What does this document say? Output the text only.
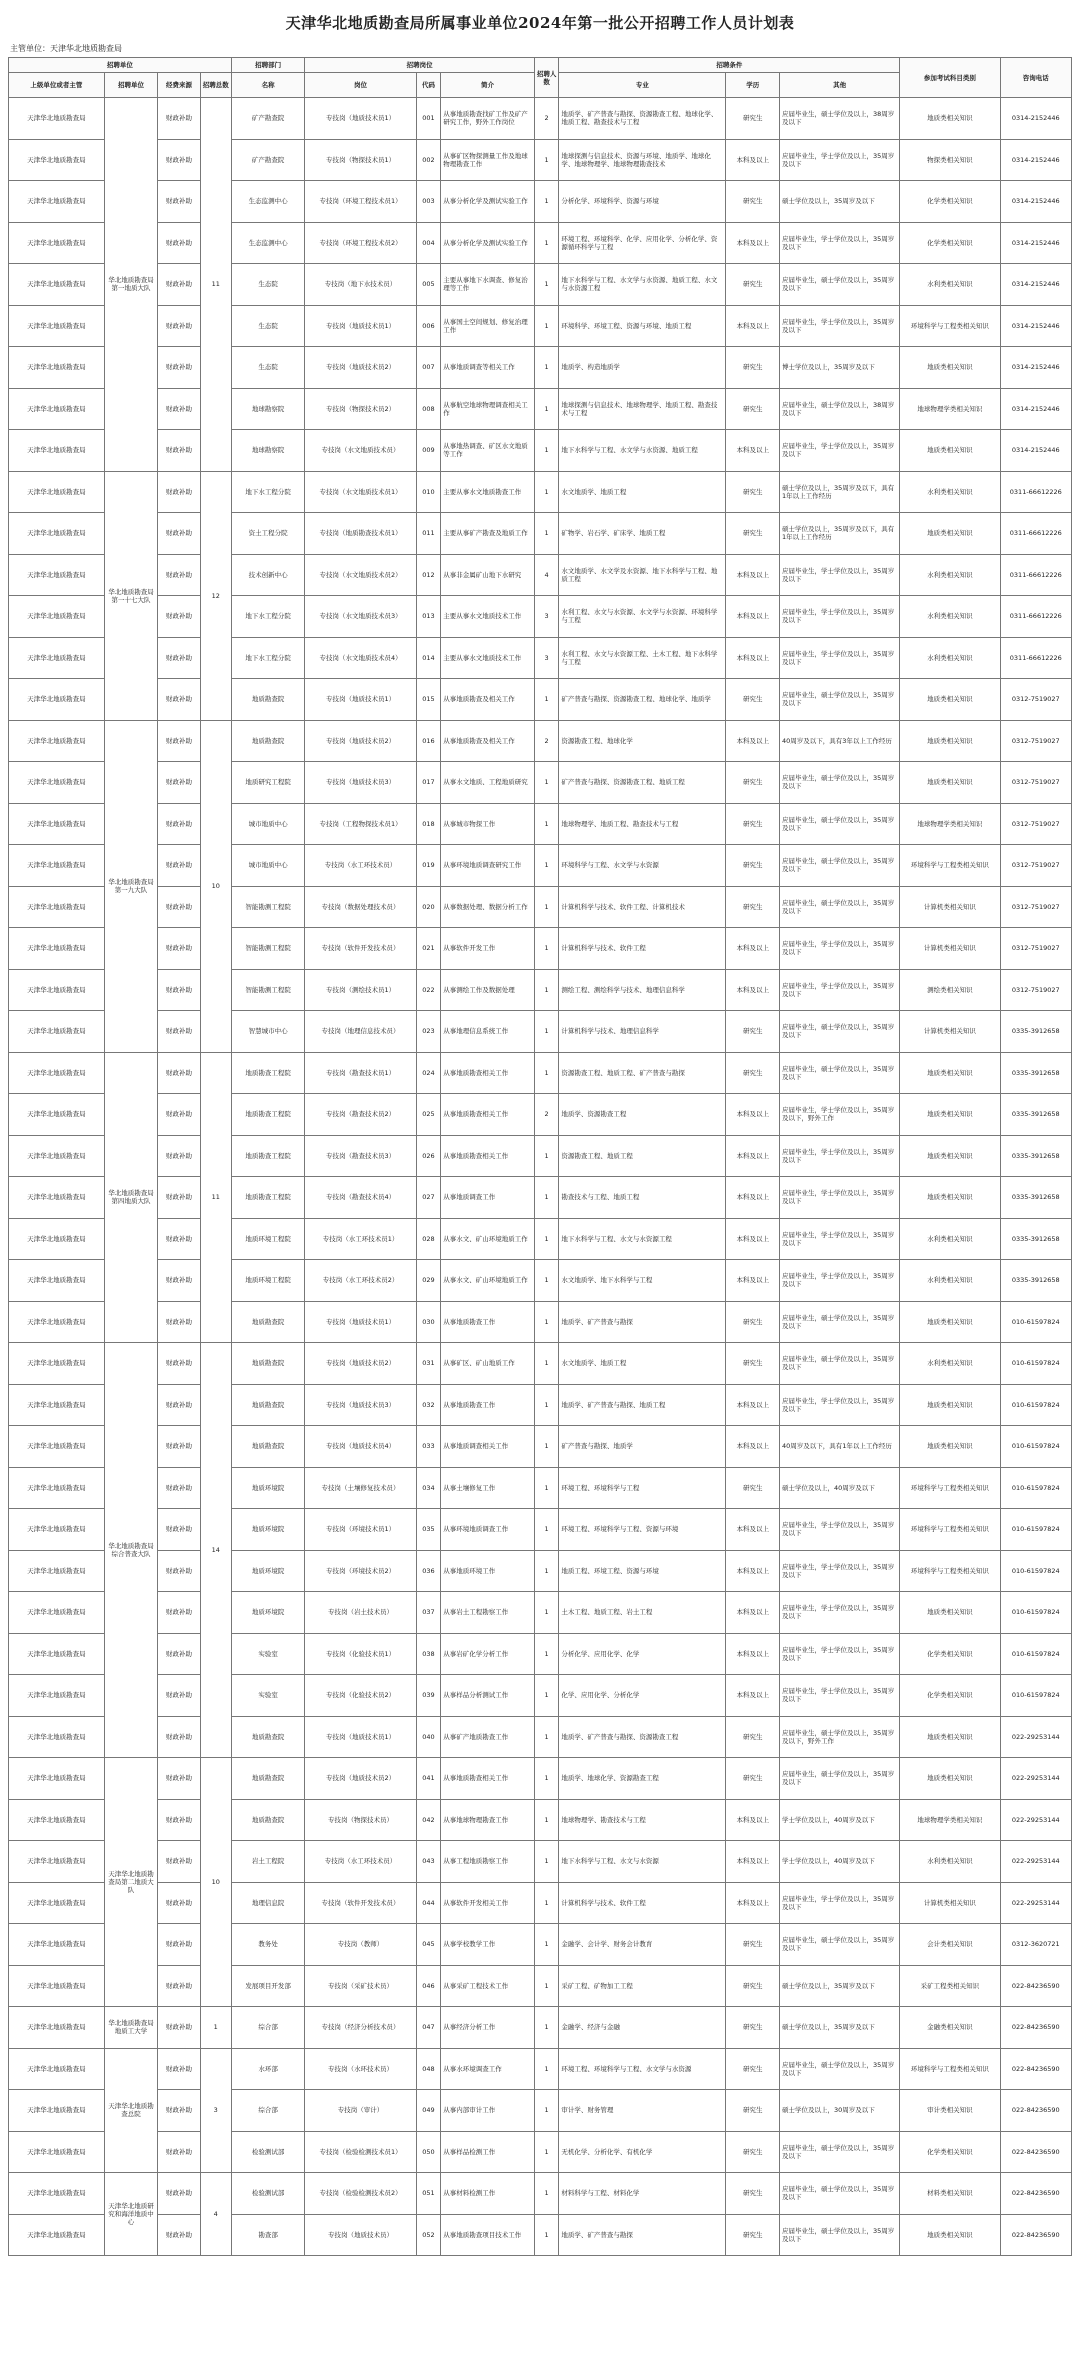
天津华北地质勘查局所属事业单位2024年第一批公开招聘工作人员计划表
主管单位：天津华北地质勘查局
招聘单位				招聘部门	招聘岗位			招聘人数	招聘条件			参加考试科目类别	咨询电话
上级单位或者主管	招聘单位	经费来源	招聘总数	名称	岗位	代码	简介		专业	学历	其他		
天津华北地质勘查局	华北地质勘查局第一地质大队	财政补助	11	矿产勘查院	专技岗（地质技术员1）	001	从事地质勘查找矿工作及矿产研究工作，野外工作岗位	2	地质学、矿产普查与勘探、资源勘查工程、地球化学、地质工程、勘查技术与工程	研究生	应届毕业生，硕士学位及以上，38周岁及以下	地质类相关知识	0314-2152446
天津华北地质勘查局		财政补助		矿产勘查院	专技岗（物探技术员1）	002	从事矿区物探测量工作及地球物理勘查工作	1	地球探测与信息技术、资源与环境、地质学、地球化学、地球物理学、地球物理勘查技术	本科及以上	应届毕业生，学士学位及以上，35周岁及以下	物探类相关知识	0314-2152446
天津华北地质勘查局		财政补助		生态监测中心	专技岗（环境工程技术员1）	003	从事分析化学及测试实验工作	1	分析化学、环境科学、资源与环境	研究生	硕士学位及以上，35周岁及以下	化学类相关知识	0314-2152446
天津华北地质勘查局		财政补助		生态监测中心	专技岗（环境工程技术员2）	004	从事分析化学及测试实验工作	1	环境工程、环境科学、化学、应用化学、分析化学、资源循环科学与工程	本科及以上	应届毕业生，学士学位及以上，35周岁及以下	化学类相关知识	0314-2152446
天津华北地质勘查局		财政补助		生态院	专技岗（地下水技术员）	005	主要从事地下水调查、修复治理等工作	1	地下水科学与工程、水文学与水资源、地质工程、水文与水资源工程	研究生	应届毕业生，硕士学位及以上，35周岁及以下	水利类相关知识	0314-2152446
天津华北地质勘查局		财政补助		生态院	专技岗（地质技术员1）	006	从事国土空间规划、修复治理工作	1	环境科学、环境工程、资源与环境、地质工程	本科及以上	应届毕业生，学士学位及以上，35周岁及以下	环境科学与工程类相关知识	0314-2152446
天津华北地质勘查局		财政补助		生态院	专技岗（地质技术员2）	007	从事地质调查等相关工作	1	地质学、构造地质学	研究生	博士学位及以上，35周岁及以下	地质类相关知识	0314-2152446
天津华北地质勘查局		财政补助		地球勘察院	专技岗（物探技术员2）	008	从事航空地球物理调查相关工作	1	地球探测与信息技术、地球物理学、地质工程、勘查技术与工程	研究生	应届毕业生，硕士学位及以上，38周岁及以下	地球物理学类相关知识	0314-2152446
天津华北地质勘查局		财政补助		地球勘察院	专技岗（水文地质技术员）	009	从事地热调查、矿区水文地质等工作	1	地下水科学与工程、水文学与水资源、地质工程	本科及以上	应届毕业生，学士学位及以上，35周岁及以下	地质类相关知识	0314-2152446
天津华北地质勘查局	华北地质勘查局第一十七大队	财政补助	12	地下水工程分院	专技岗（水文地质技术员1）	010	主要从事水文地质勘查工作	1	水文地质学、地质工程	研究生	硕士学位及以上，35周岁及以下，具有1年以上工作经历	水利类相关知识	0311-66612226
天津华北地质勘查局		财政补助		资土工程分院	专技岗（地质勘查技术员1）	011	主要从事矿产勘查及地质工作	1	矿物学、岩石学、矿床学、地质工程	研究生	硕士学位及以上，35周岁及以下，具有1年以上工作经历	地质类相关知识	0311-66612226
天津华北地质勘查局		财政补助		技术创新中心	专技岗（水文地质技术员2）	012	从事非金属矿山地下水研究	4	水文地质学、水文学及水资源、地下水科学与工程、地质工程	本科及以上	应届毕业生，学士学位及以上，35周岁及以下	水利类相关知识	0311-66612226
天津华北地质勘查局		财政补助		地下水工程分院	专技岗（水文地质技术员3）	013	主要从事水文地质技术工作	3	水利工程、水文与水资源、水文学与水资源、环境科学与工程	本科及以上	应届毕业生，学士学位及以上，35周岁及以下	水利类相关知识	0311-66612226
天津华北地质勘查局		财政补助		地下水工程分院	专技岗（水文地质技术员4）	014	主要从事水文地质技术工作	3	水利工程、水文与水资源工程、土木工程、地下水科学与工程	本科及以上	应届毕业生，学士学位及以上，35周岁及以下	水利类相关知识	0311-66612226
天津华北地质勘查局		财政补助		地质勘查院	专技岗（地质技术员1）	015	从事地质勘查及相关工作	1	矿产普查与勘探、资源勘查工程、地球化学、地质学	研究生	应届毕业生，硕士学位及以上，35周岁及以下	地质类相关知识	0312-7519027
天津华北地质勘查局	华北地质勘查局第一九大队	财政补助	10	地质勘查院	专技岗（地质技术员2）	016	从事地质勘查及相关工作	2	资源勘查工程、地球化学	本科及以上	40周岁及以下，具有3年以上工作经历	地质类相关知识	0312-7519027
天津华北地质勘查局		财政补助		地质研究工程院	专技岗（地质技术员3）	017	从事水文地质、工程地质研究	1	矿产普查与勘探、资源勘查工程、地质工程	研究生	应届毕业生，硕士学位及以上，35周岁及以下	地质类相关知识	0312-7519027
天津华北地质勘查局		财政补助		城市地质中心	专技岗（工程物探技术员1）	018	从事城市物探工作	1	地球物理学、地质工程、勘查技术与工程	研究生	应届毕业生，硕士学位及以上，35周岁及以下	地球物理学类相关知识	0312-7519027
天津华北地质勘查局		财政补助		城市地质中心	专技岗（水工环技术员）	019	从事环境地质调查研究工作	1	环境科学与工程、水文学与水资源	研究生	应届毕业生，硕士学位及以上，35周岁及以下	环境科学与工程类相关知识	0312-7519027
天津华北地质勘查局		财政补助		智能勘测工程院	专技岗（数据处理技术员）	020	从事数据处理、数据分析工作	1	计算机科学与技术、软件工程、计算机技术	研究生	应届毕业生，硕士学位及以上，35周岁及以下	计算机类相关知识	0312-7519027
天津华北地质勘查局		财政补助		智能勘测工程院	专技岗（软件开发技术员）	021	从事软件开发工作	1	计算机科学与技术、软件工程	本科及以上	应届毕业生，学士学位及以上，35周岁及以下	计算机类相关知识	0312-7519027
天津华北地质勘查局		财政补助		智能勘测工程院	专技岗（测绘技术员1）	022	从事测绘工作及数据处理	1	测绘工程、测绘科学与技术、地理信息科学	本科及以上	应届毕业生，学士学位及以上，35周岁及以下	测绘类相关知识	0312-7519027
天津华北地质勘查局		财政补助		智慧城市中心	专技岗（地理信息技术员）	023	从事地理信息系统工作	1	计算机科学与技术、地理信息科学	研究生	应届毕业生，硕士学位及以上，35周岁及以下	计算机类相关知识	0335-3912658
天津华北地质勘查局	华北地质勘查局第四地质大队	财政补助	11	地质勘查工程院	专技岗（勘查技术员1）	024	从事地质勘查相关工作	1	资源勘查工程、地质工程、矿产普查与勘探	研究生	应届毕业生，硕士学位及以上，35周岁及以下	地质类相关知识	0335-3912658
天津华北地质勘查局		财政补助		地质勘查工程院	专技岗（勘查技术员2）	025	从事地质勘查相关工作	2	地质学、资源勘查工程	本科及以上	应届毕业生，学士学位及以上，35周岁及以下，野外工作	地质类相关知识	0335-3912658
天津华北地质勘查局		财政补助		地质勘查工程院	专技岗（勘查技术员3）	026	从事地质勘查相关工作	1	资源勘查工程、地质工程	本科及以上	应届毕业生，学士学位及以上，35周岁及以下	地质类相关知识	0335-3912658
天津华北地质勘查局		财政补助		地质勘查工程院	专技岗（勘查技术员4）	027	从事地质调查工作	1	勘查技术与工程、地质工程	本科及以上	应届毕业生，学士学位及以上，35周岁及以下	地质类相关知识	0335-3912658
天津华北地质勘查局		财政补助		地质环境工程院	专技岗（水工环技术员1）	028	从事水文、矿山环境地质工作	1	地下水科学与工程、水文与水资源工程	本科及以上	应届毕业生，学士学位及以上，35周岁及以下	水利类相关知识	0335-3912658
天津华北地质勘查局		财政补助		地质环境工程院	专技岗（水工环技术员2）	029	从事水文、矿山环境地质工作	1	水文地质学、地下水科学与工程	本科及以上	应届毕业生，学士学位及以上，35周岁及以下	水利类相关知识	0335-3912658
天津华北地质勘查局		财政补助		地质勘查院	专技岗（地质技术员1）	030	从事地质勘查工作	1	地质学、矿产普查与勘探	研究生	应届毕业生，硕士学位及以上，35周岁及以下	地质类相关知识	010-61597824
天津华北地质勘查局	华北地质勘查局综合普查大队	财政补助	14	地质勘查院	专技岗（地质技术员2）	031	从事矿区、矿山地质工作	1	水文地质学、地质工程	研究生	应届毕业生，硕士学位及以上，35周岁及以下	水利类相关知识	010-61597824
天津华北地质勘查局		财政补助		地质勘查院	专技岗（地质技术员3）	032	从事地质勘查工作	1	地质学、矿产普查与勘探、地质工程	本科及以上	应届毕业生，学士学位及以上，35周岁及以下	地质类相关知识	010-61597824
天津华北地质勘查局		财政补助		地质勘查院	专技岗（地质技术员4）	033	从事地质调查相关工作	1	矿产普查与勘探、地质学	本科及以上	40周岁及以下，具有1年以上工作经历	地质类相关知识	010-61597824
天津华北地质勘查局		财政补助		地质环境院	专技岗（土壤修复技术员）	034	从事土壤修复工作	1	环境工程、环境科学与工程	研究生	硕士学位及以上，40周岁及以下	环境科学与工程类相关知识	010-61597824
天津华北地质勘查局		财政补助		地质环境院	专技岗（环境技术员1）	035	从事环境地质调查工作	1	环境工程、环境科学与工程、资源与环境	本科及以上	应届毕业生，学士学位及以上，35周岁及以下	环境科学与工程类相关知识	010-61597824
天津华北地质勘查局		财政补助		地质环境院	专技岗（环境技术员2）	036	从事地质环境工作	1	地质工程、环境工程、资源与环境	本科及以上	应届毕业生，学士学位及以上，35周岁及以下	环境科学与工程类相关知识	010-61597824
天津华北地质勘查局		财政补助		地质环境院	专技岗（岩土技术员）	037	从事岩土工程勘察工作	1	土木工程、地质工程、岩土工程	本科及以上	应届毕业生，学士学位及以上，35周岁及以下	地质类相关知识	010-61597824
天津华北地质勘查局		财政补助		实验室	专技岗（化验技术员1）	038	从事岩矿化学分析工作	1	分析化学、应用化学、化学	本科及以上	应届毕业生，学士学位及以上，35周岁及以下	化学类相关知识	010-61597824
天津华北地质勘查局		财政补助		实验室	专技岗（化验技术员2）	039	从事样品分析测试工作	1	化学、应用化学、分析化学	本科及以上	应届毕业生，学士学位及以上，35周岁及以下	化学类相关知识	010-61597824
天津华北地质勘查局		财政补助		地质勘查院	专技岗（地质技术员1）	040	从事矿产地质勘查工作	1	地质学、矿产普查与勘探、资源勘查工程	研究生	应届毕业生，硕士学位及以上，35周岁及以下，野外工作	地质类相关知识	022-29253144
天津华北地质勘查局	天津华北地质勘查局第二地质大队	财政补助	10	地质勘查院	专技岗（地质技术员2）	041	从事地质勘查相关工作	1	地质学、地球化学、资源勘查工程	研究生	应届毕业生，硕士学位及以上，35周岁及以下	地质类相关知识	022-29253144
天津华北地质勘查局		财政补助		地质勘查院	专技岗（物探技术员）	042	从事地球物理勘查工作	1	地球物理学、勘查技术与工程	本科及以上	学士学位及以上，40周岁及以下	地球物理学类相关知识	022-29253144
天津华北地质勘查局		财政补助		岩土工程院	专技岗（水工环技术员）	043	从事工程地质勘察工作	1	地下水科学与工程、水文与水资源	本科及以上	学士学位及以上，40周岁及以下	水利类相关知识	022-29253144
天津华北地质勘查局		财政补助		地理信息院	专技岗（软件开发技术员）	044	从事软件开发相关工作	1	计算机科学与技术、软件工程	本科及以上	应届毕业生，学士学位及以上，35周岁及以下	计算机类相关知识	022-29253144
天津华北地质勘查局		财政补助		教务处	专技岗（教师）	045	从事学校教学工作	1	金融学、会计学、财务会计教育	研究生	应届毕业生，硕士学位及以上，35周岁及以下	会计类相关知识	0312-3620721
天津华北地质勘查局		财政补助		发展项目开发部	专技岗（采矿技术员）	046	从事采矿工程技术工作	1	采矿工程、矿物加工工程	研究生	硕士学位及以上，35周岁及以下	采矿工程类相关知识	022-84236590
天津华北地质勘查局	华北地质勘查局地质工大学	财政补助	1	综合部	专技岗（经济分析技术员）	047	从事经济分析工作	1	金融学、经济与金融	研究生	硕士学位及以上，35周岁及以下	金融类相关知识	022-84236590
天津华北地质勘查局	天津华北地质勘查总院	财政补助	3	水环部	专技岗（水环技术员）	048	从事水环境调查工作	1	环境工程、环境科学与工程、水文学与水资源	研究生	应届毕业生，硕士学位及以上，35周岁及以下	环境科学与工程类相关知识	022-84236590
天津华北地质勘查局		财政补助		综合部	专技岗（审计）	049	从事内部审计工作	1	审计学、财务管理	研究生	硕士学位及以上，30周岁及以下	审计类相关知识	022-84236590
天津华北地质勘查局		财政补助		检验测试部	专技岗（检验检测技术员1）	050	从事样品检测工作	1	无机化学、分析化学、有机化学	研究生	应届毕业生，硕士学位及以上，35周岁及以下	化学类相关知识	022-84236590
天津华北地质勘查局	天津华北地质研究和海洋地质中心	财政补助	4	检验测试部	专技岗（检验检测技术员2）	051	从事材料检测工作	1	材料科学与工程、材料化学	研究生	应届毕业生，硕士学位及以上，35周岁及以下	材料类相关知识	022-84236590
天津华北地质勘查局		财政补助		勘查部	专技岗（地质技术员）	052	从事地质勘查项目技术工作	1	地质学、矿产普查与勘探	研究生	应届毕业生，硕士学位及以上，35周岁及以下	地质类相关知识	022-84236590
